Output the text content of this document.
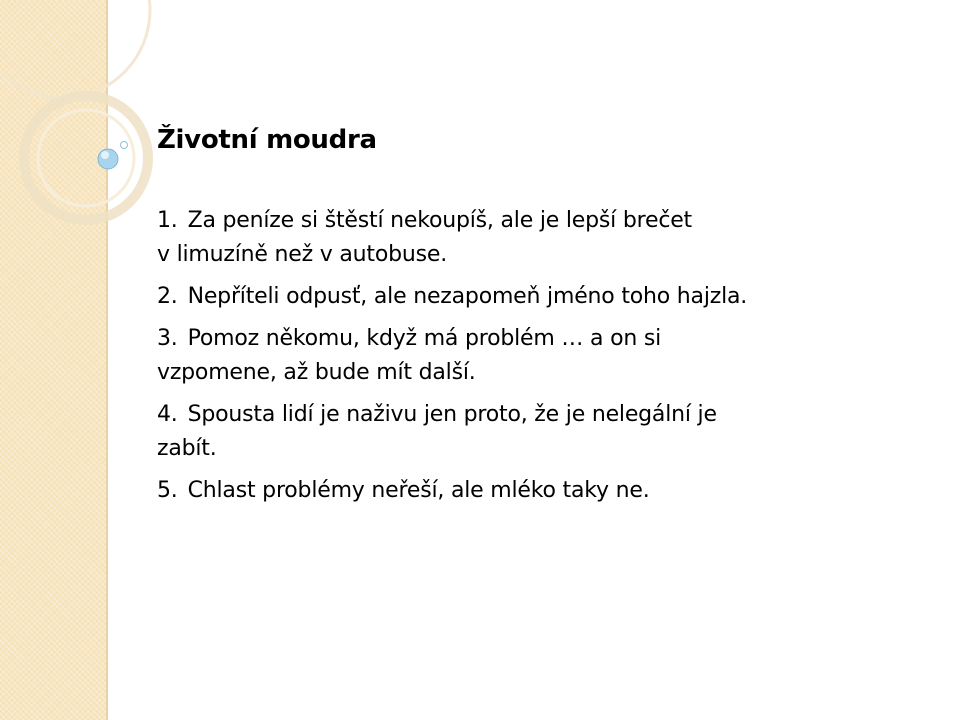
Životní moudra
1. Za peníze si štěstí nekoupíš, ale je lepší brečet
v limuzíně než v autobuse.
2. Nepříteli odpusť, ale nezapomeň jméno toho hajzla.
3. Pomoz někomu, když má problém … a on si
vzpomene, až bude mít další.
4. Spousta lidí je naživu jen proto, že je nelegální je
zabít.
5. Chlast problémy neřeší, ale mléko taky ne.
